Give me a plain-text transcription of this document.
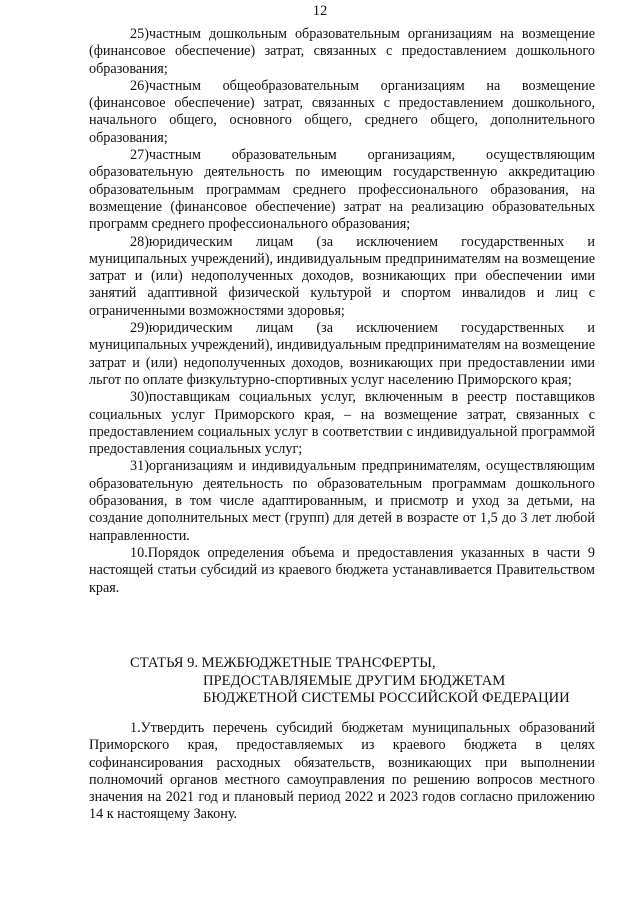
12

25)частным дошкольным образовательным организациям на возмещение (финансовое обеспечение) затрат, связанных с предоставлением дошкольного образования;

26)частным общеобразовательным организациям на возмещение (финансовое обеспечение) затрат, связанных с предоставлением дошкольного, начального общего, основного общего, среднего общего, дополнительного образования;

27)частным образовательным организациям, осуществляющим образовательную деятельность по имеющим государственную аккредитацию образовательным программам среднего профессионального образования, на возмещение (финансовое обеспечение) затрат на реализацию образовательных программ среднего профессионального образования;

28)юридическим лицам (за исключением государственных и муниципальных учреждений), индивидуальным предпринимателям на возмещение затрат и (или) недополученных доходов, возникающих при обеспечении ими занятий адаптивной физической культурой и спортом инвалидов и лиц с ограниченными возможностями здоровья;

29)юридическим лицам (за исключением государственных и муниципальных учреждений), индивидуальным предпринимателям на возмещение затрат и (или) недополученных доходов, возникающих при предоставлении ими льгот по оплате физкультурно-спортивных услуг населению Приморского края;

30)поставщикам социальных услуг, включенным в реестр поставщиков социальных услуг Приморского края, – на возмещение затрат, связанных с предоставлением социальных услуг в соответствии с индивидуальной программой предоставления социальных услуг;

31)организациям и индивидуальным предпринимателям, осуществляющим образовательную деятельность по образовательным программам дошкольного образования, в том числе адаптированным, и присмотр и уход за детьми, на создание дополнительных мест (групп) для детей в возрасте от 1,5 до 3 лет любой направленности.

10.Порядок определения объема и предоставления указанных в части 9 настоящей статьи субсидий из краевого бюджета устанавливается Правительством края.

СТАТЬЯ 9. МЕЖБЮДЖЕТНЫЕ ТРАНСФЕРТЫ,
ПРЕДОСТАВЛЯЕМЫЕ ДРУГИМ БЮДЖЕТАМ
БЮДЖЕТНОЙ СИСТЕМЫ РОССИЙСКОЙ ФЕДЕРАЦИИ

1.Утвердить перечень субсидий бюджетам муниципальных образований Приморского края, предоставляемых из краевого бюджета в целях софинансирования расходных обязательств, возникающих при выполнении полномочий органов местного самоуправления по решению вопросов местного значения на 2021 год и плановый период 2022 и 2023 годов согласно приложению 14 к настоящему Закону.
